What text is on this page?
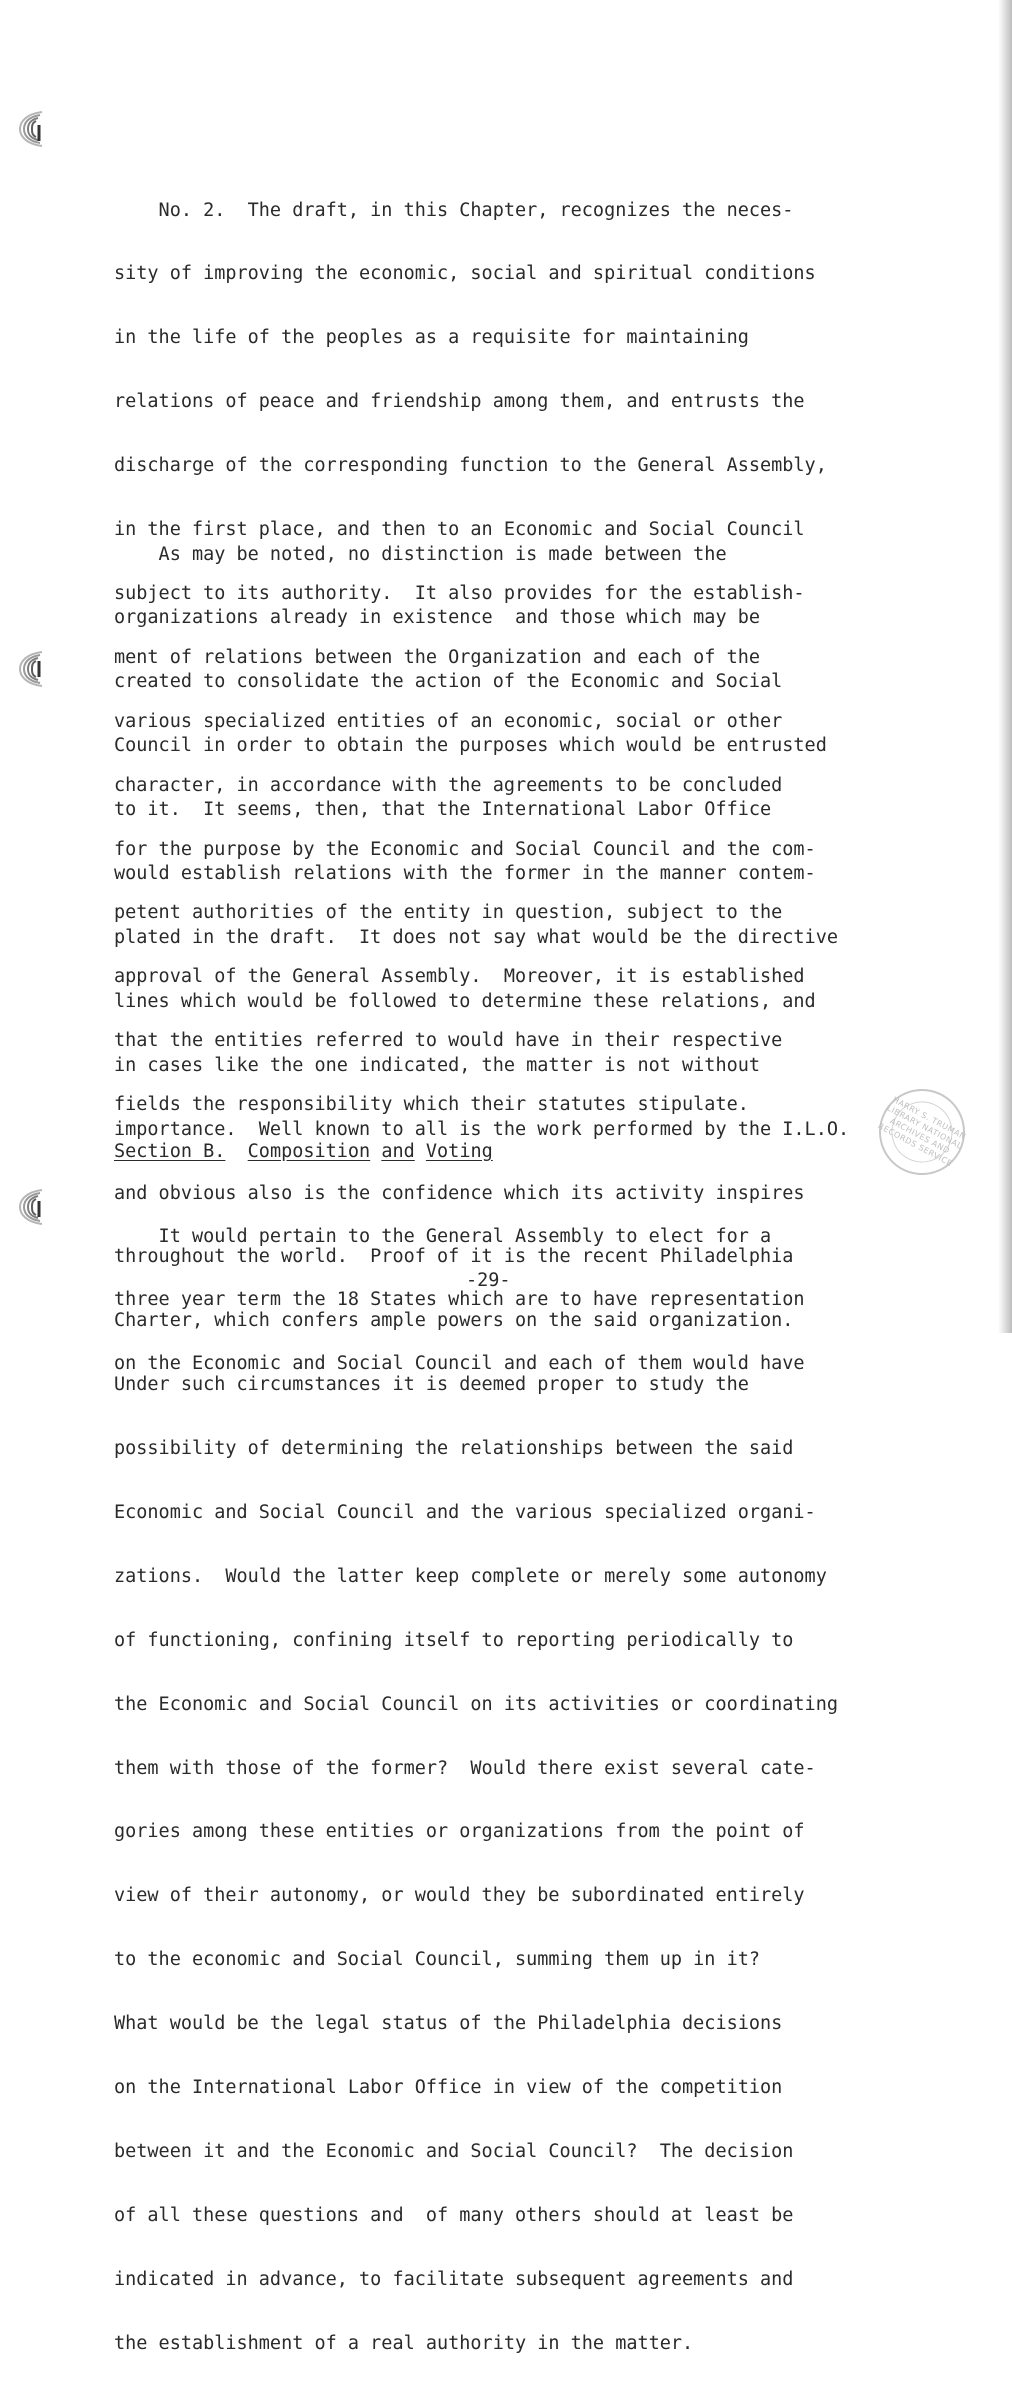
HARRY S. TRUMAN LIBRARY NATIONAL ARCHIVES AND RECORDS SERVICE

No. 2.  The draft, in this Chapter, recognizes the neces-

sity of improving the economic, social and spiritual conditions

in the life of the peoples as a requisite for maintaining

relations of peace and friendship among them, and entrusts the

discharge of the corresponding function to the General Assembly,

in the first place, and then to an Economic and Social Council

subject to its authority.  It also provides for the establish-

ment of relations between the Organization and each of the

various specialized entities of an economic, social or other

character, in accordance with the agreements to be concluded

for the purpose by the Economic and Social Council and the com-

petent authorities of the entity in question, subject to the

approval of the General Assembly.  Moreover, it is established

that the entities referred to would have in their respective

fields the responsibility which their statutes stipulate.

As may be noted, no distinction is made between the

organizations already in existence  and those which may be

created to consolidate the action of the Economic and Social

Council in order to obtain the purposes which would be entrusted

to it.  It seems, then, that the International Labor Office

would establish relations with the former in the manner contem-

plated in the draft.  It does not say what would be the directive

lines which would be followed to determine these relations, and

in cases like the one indicated, the matter is not without

importance.  Well known to all is the work performed by the I.L.O.

and obvious also is the confidence which its activity inspires

throughout the world.  Proof of it is the recent Philadelphia

Charter, which confers ample powers on the said organization.

Under such circumstances it is deemed proper to study the

possibility of determining the relationships between the said

Economic and Social Council and the various specialized organi-

zations.  Would the latter keep complete or merely some autonomy

of functioning, confining itself to reporting periodically to

the Economic and Social Council on its activities or coordinating

them with those of the former?  Would there exist several cate-

gories among these entities or organizations from the point of

view of their autonomy, or would they be subordinated entirely

to the economic and Social Council, summing them up in it?

What would be the legal status of the Philadelphia decisions

on the International Labor Office in view of the competition

between it and the Economic and Social Council?  The decision

of all these questions and  of many others should at least be

indicated in advance, to facilitate subsequent agreements and

the establishment of a real authority in the matter.

Section B. Composition and Voting

It would pertain to the General Assembly to elect for a

three year term the 18 States which are to have representation

on the Economic and Social Council and each of them would have

-29-
